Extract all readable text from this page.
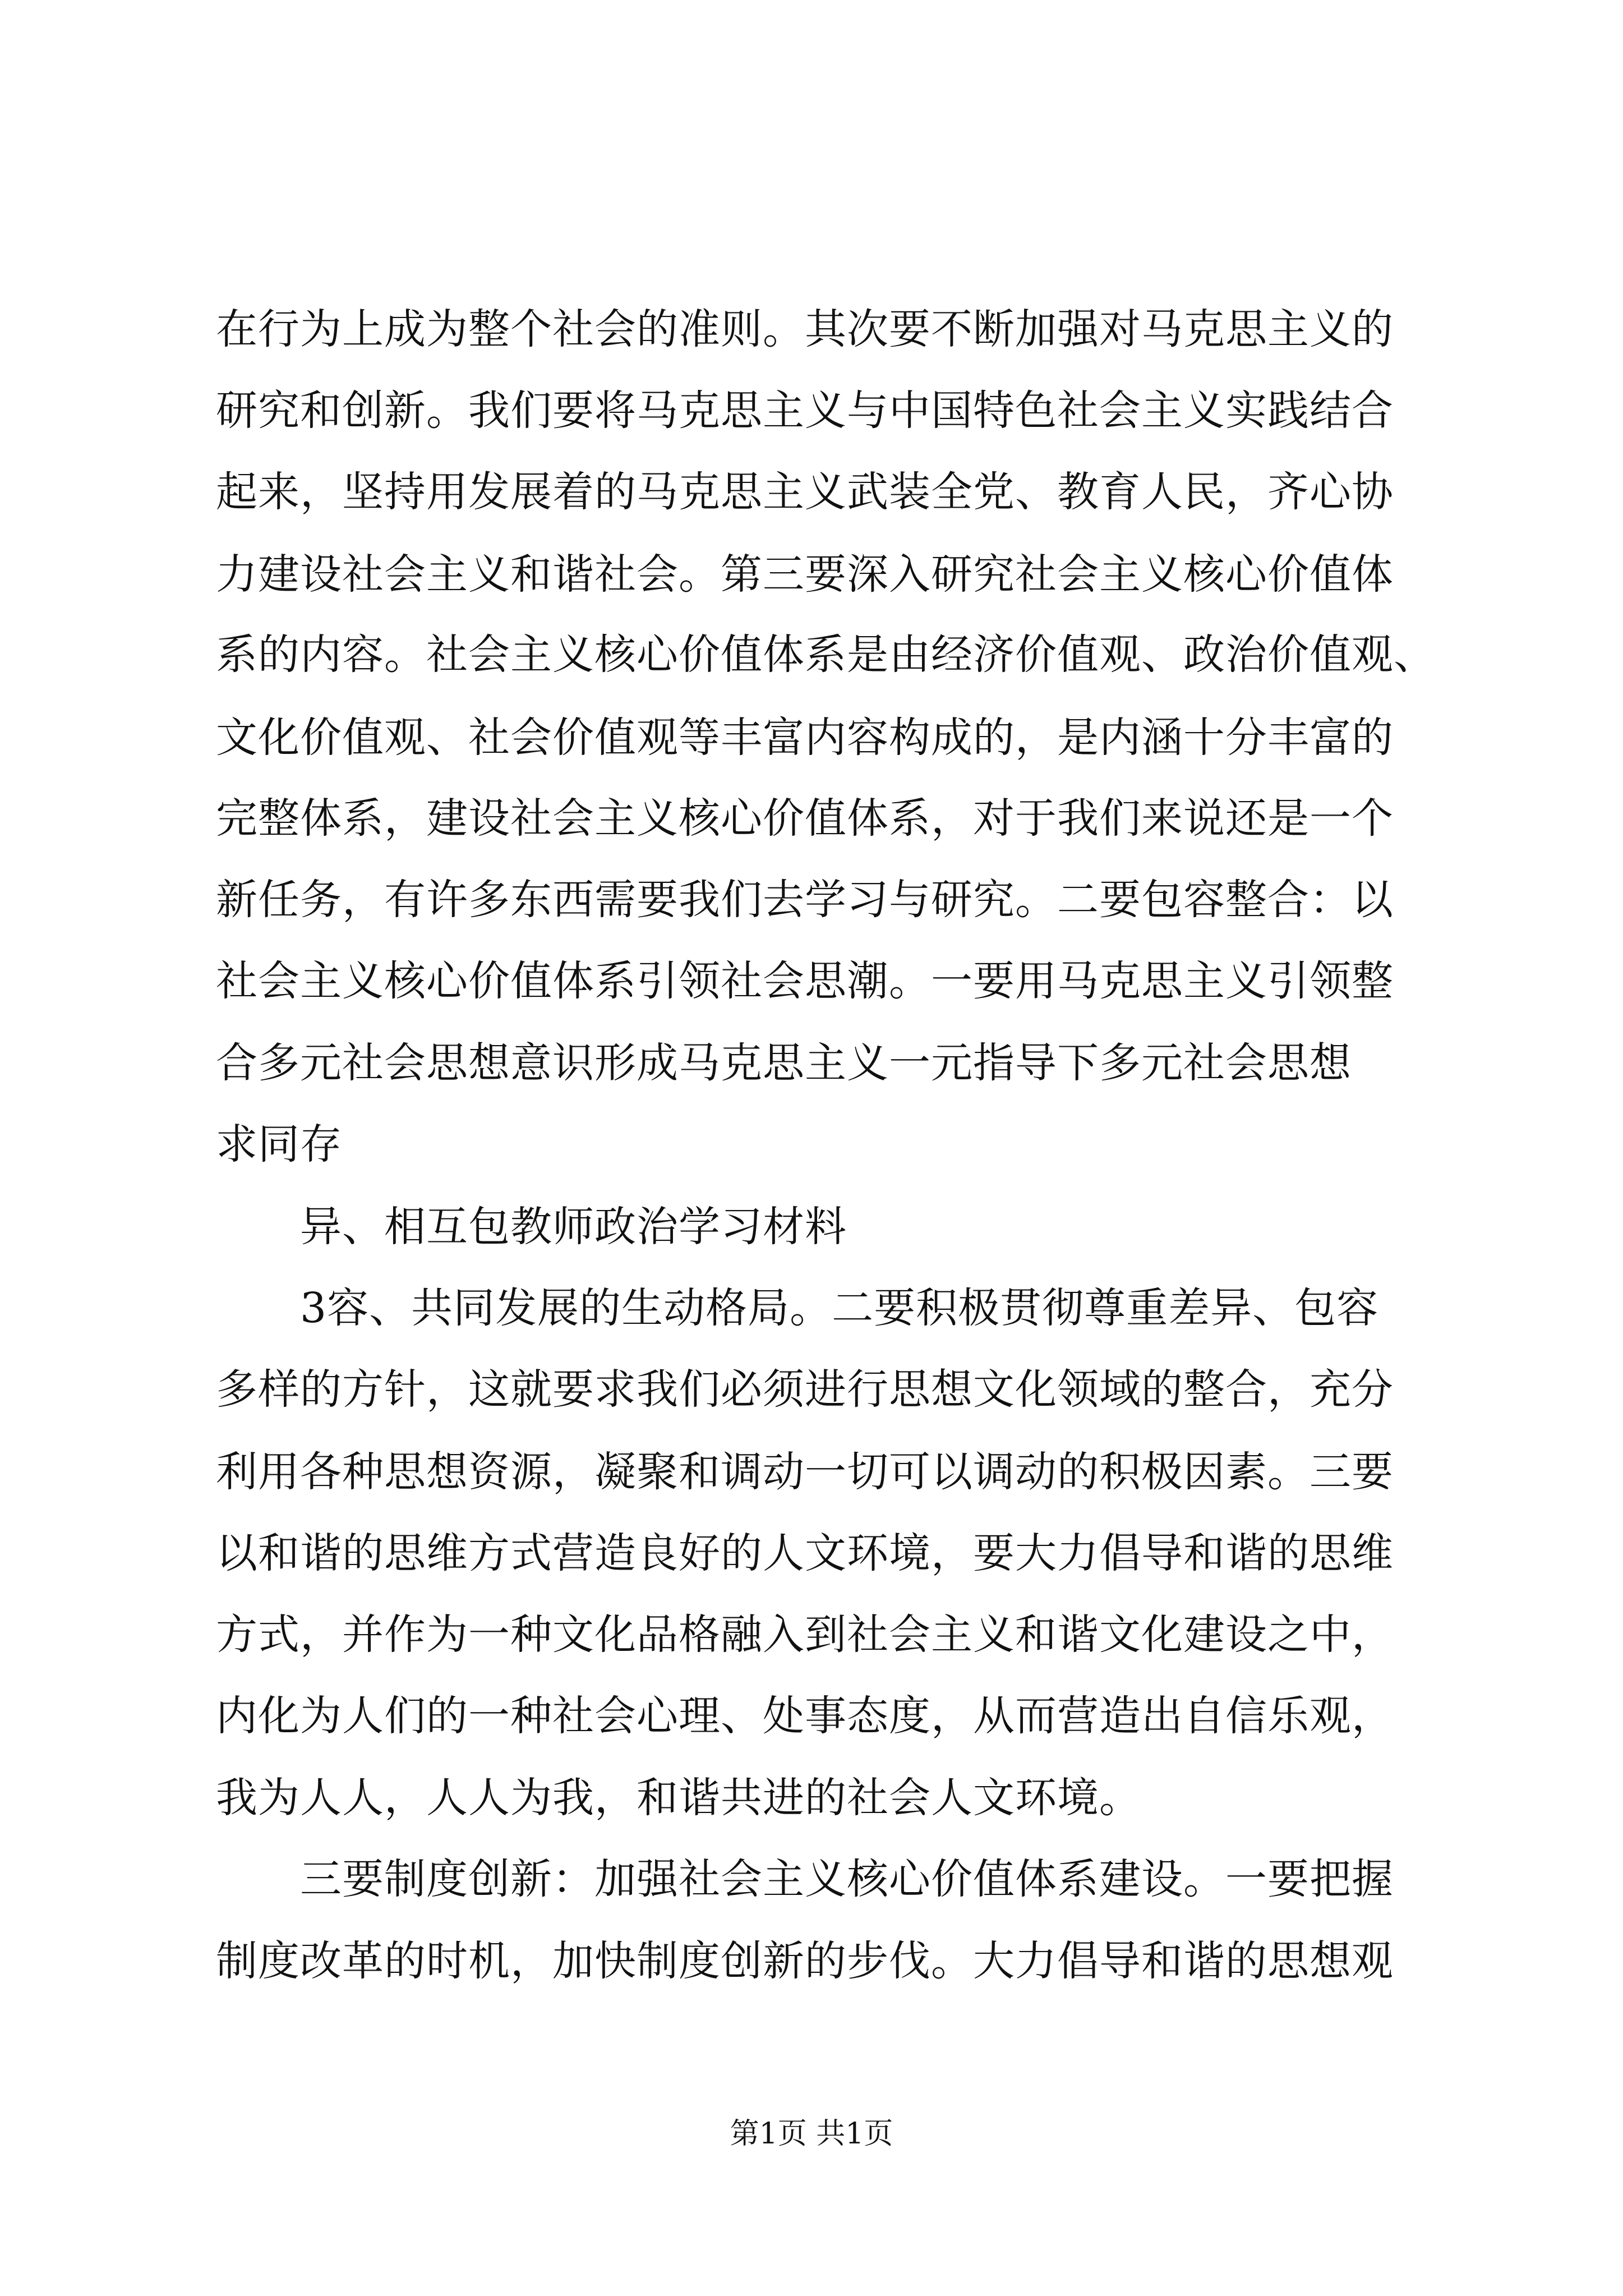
在行为上成为整个社会的准则。其次要不断加强对马克思主义的
研究和创新。我们要将马克思主义与中国特色社会主义实践结合
起来，坚持用发展着的马克思主义武装全党、教育人民，齐心协
力建设社会主义和谐社会。第三要深入研究社会主义核心价值体
系的内容。社会主义核心价值体系是由经济价值观、政治价值观、
文化价值观、社会价值观等丰富内容构成的，是内涵十分丰富的
完整体系，建设社会主义核心价值体系，对于我们来说还是一个
新任务，有许多东西需要我们去学习与研究。二要包容整合：以
社会主义核心价值体系引领社会思潮。一要用马克思主义引领整
合多元社会思想意识形成马克思主义一元指导下多元社会思想
求同存
异、相互包教师政治学习材料
3容、共同发展的生动格局。二要积极贯彻尊重差异、包容
多样的方针，这就要求我们必须进行思想文化领域的整合，充分
利用各种思想资源，凝聚和调动一切可以调动的积极因素。三要
以和谐的思维方式营造良好的人文环境，要大力倡导和谐的思维
方式，并作为一种文化品格融入到社会主义和谐文化建设之中，
内化为人们的一种社会心理、处事态度，从而营造出自信乐观，
我为人人，人人为我，和谐共进的社会人文环境。
三要制度创新：加强社会主义核心价值体系建设。一要把握
制度改革的时机，加快制度创新的步伐。大力倡导和谐的思想观
第1页 共1页
